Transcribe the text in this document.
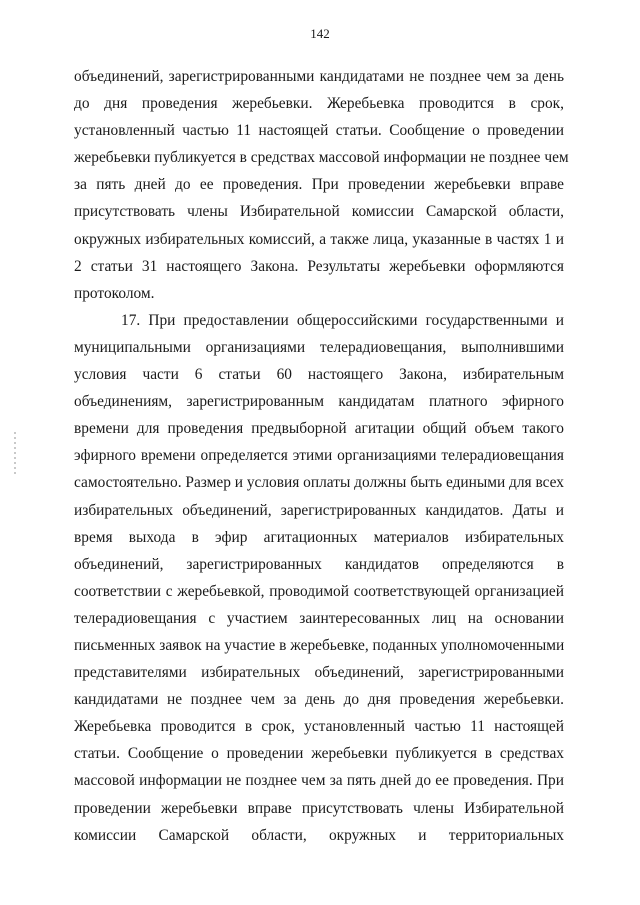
142
объединений, зарегистрированными кандидатами не позднее чем за день
до дня проведения жеребьевки. Жеребьевка проводится в срок,
установленный частью 11 настоящей статьи. Сообщение о проведении
жеребьевки публикуется в средствах массовой информации не позднее чем
за пять дней до ее проведения. При проведении жеребьевки вправе
присутствовать члены Избирательной комиссии Самарской области,
окружных избирательных комиссий, а также лица, указанные в частях 1 и
2 статьи 31 настоящего Закона. Результаты жеребьевки оформляются
протоколом.
17. При предоставлении общероссийскими государственными и
муниципальными организациями телерадиовещания, выполнившими
условия части 6 статьи 60 настоящего Закона, избирательным
объединениям, зарегистрированным кандидатам платного эфирного
времени для проведения предвыборной агитации общий объем такого
эфирного времени определяется этими организациями телерадиовещания
самостоятельно. Размер и условия оплаты должны быть едиными для всех
избирательных объединений, зарегистрированных кандидатов. Даты и
время выхода в эфир агитационных материалов избирательных
объединений, зарегистрированных кандидатов определяются в
соответствии с жеребьевкой, проводимой соответствующей организацией
телерадиовещания с участием заинтересованных лиц на основании
письменных заявок на участие в жеребьевке, поданных уполномоченными
представителями избирательных объединений, зарегистрированными
кандидатами не позднее чем за день до дня проведения жеребьевки.
Жеребьевка проводится в срок, установленный частью 11 настоящей
статьи. Сообщение о проведении жеребьевки публикуется в средствах
массовой информации не позднее чем за пять дней до ее проведения. При
проведении жеребьевки вправе присутствовать члены Избирательной
комиссии Самарской области, окружных и территориальных
